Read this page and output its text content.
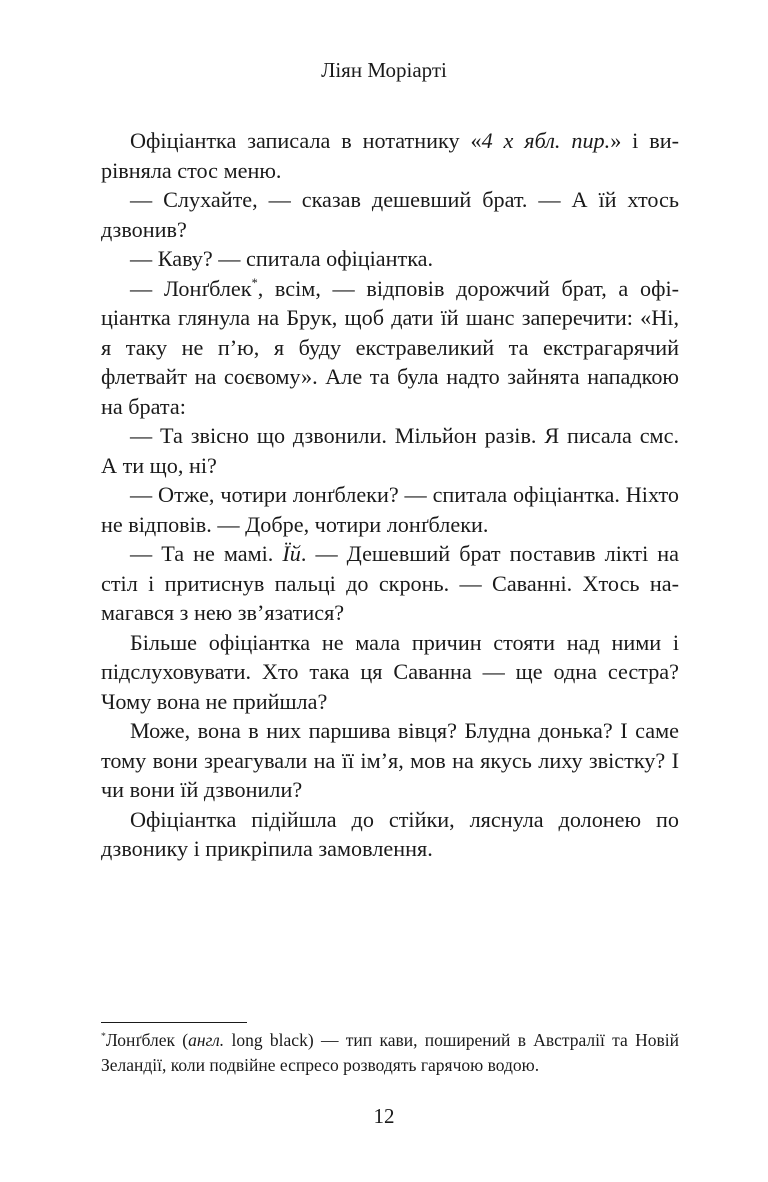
Ліян Моріарті

Офіціантка записала в нотатнику «4 х ябл. пир.» і вирівняла стос меню.

— Слухайте, — сказав дешевший брат. — А їй хтось дзвонив?

— Каву? — спитала офіціантка.

— Лонґблек*, всім, — відповів дорожчий брат, а офіціантка глянула на Брук, щоб дати їй шанс заперечити: «Ні, я таку не п’ю, я буду екстравеликий та екстрагарячий флетвайт на соєвому». Але та була надто зайнята нападкою на брата:

— Та звісно що дзвонили. Мільйон разів. Я писала смс. А ти що, ні?

— Отже, чотири лонґблеки? — спитала офіціантка. Ніхто не відповів. — Добре, чотири лонґблеки.

— Та не мамі. Їй. — Дешевший брат поставив лікті на стіл і притиснув пальці до скронь. — Саванні. Хтось намагався з нею зв’язатися?

Більше офіціантка не мала причин стояти над ними і підслуховувати. Хто така ця Саванна — ще одна сестра? Чому вона не прийшла?

Може, вона в них паршива вівця? Блудна донька? І саме тому вони зреагували на її ім’я, мов на якусь лиху звістку? І чи вони їй дзвонили?

Офіціантка підійшла до стійки, ляснула долонею по дзвонику і прикріпила замовлення.

*Лонґблек (англ. long black) — тип кави, поширений в Австралії та Новій Зеландії, коли подвійне еспресо розводять гарячою водою.
12
